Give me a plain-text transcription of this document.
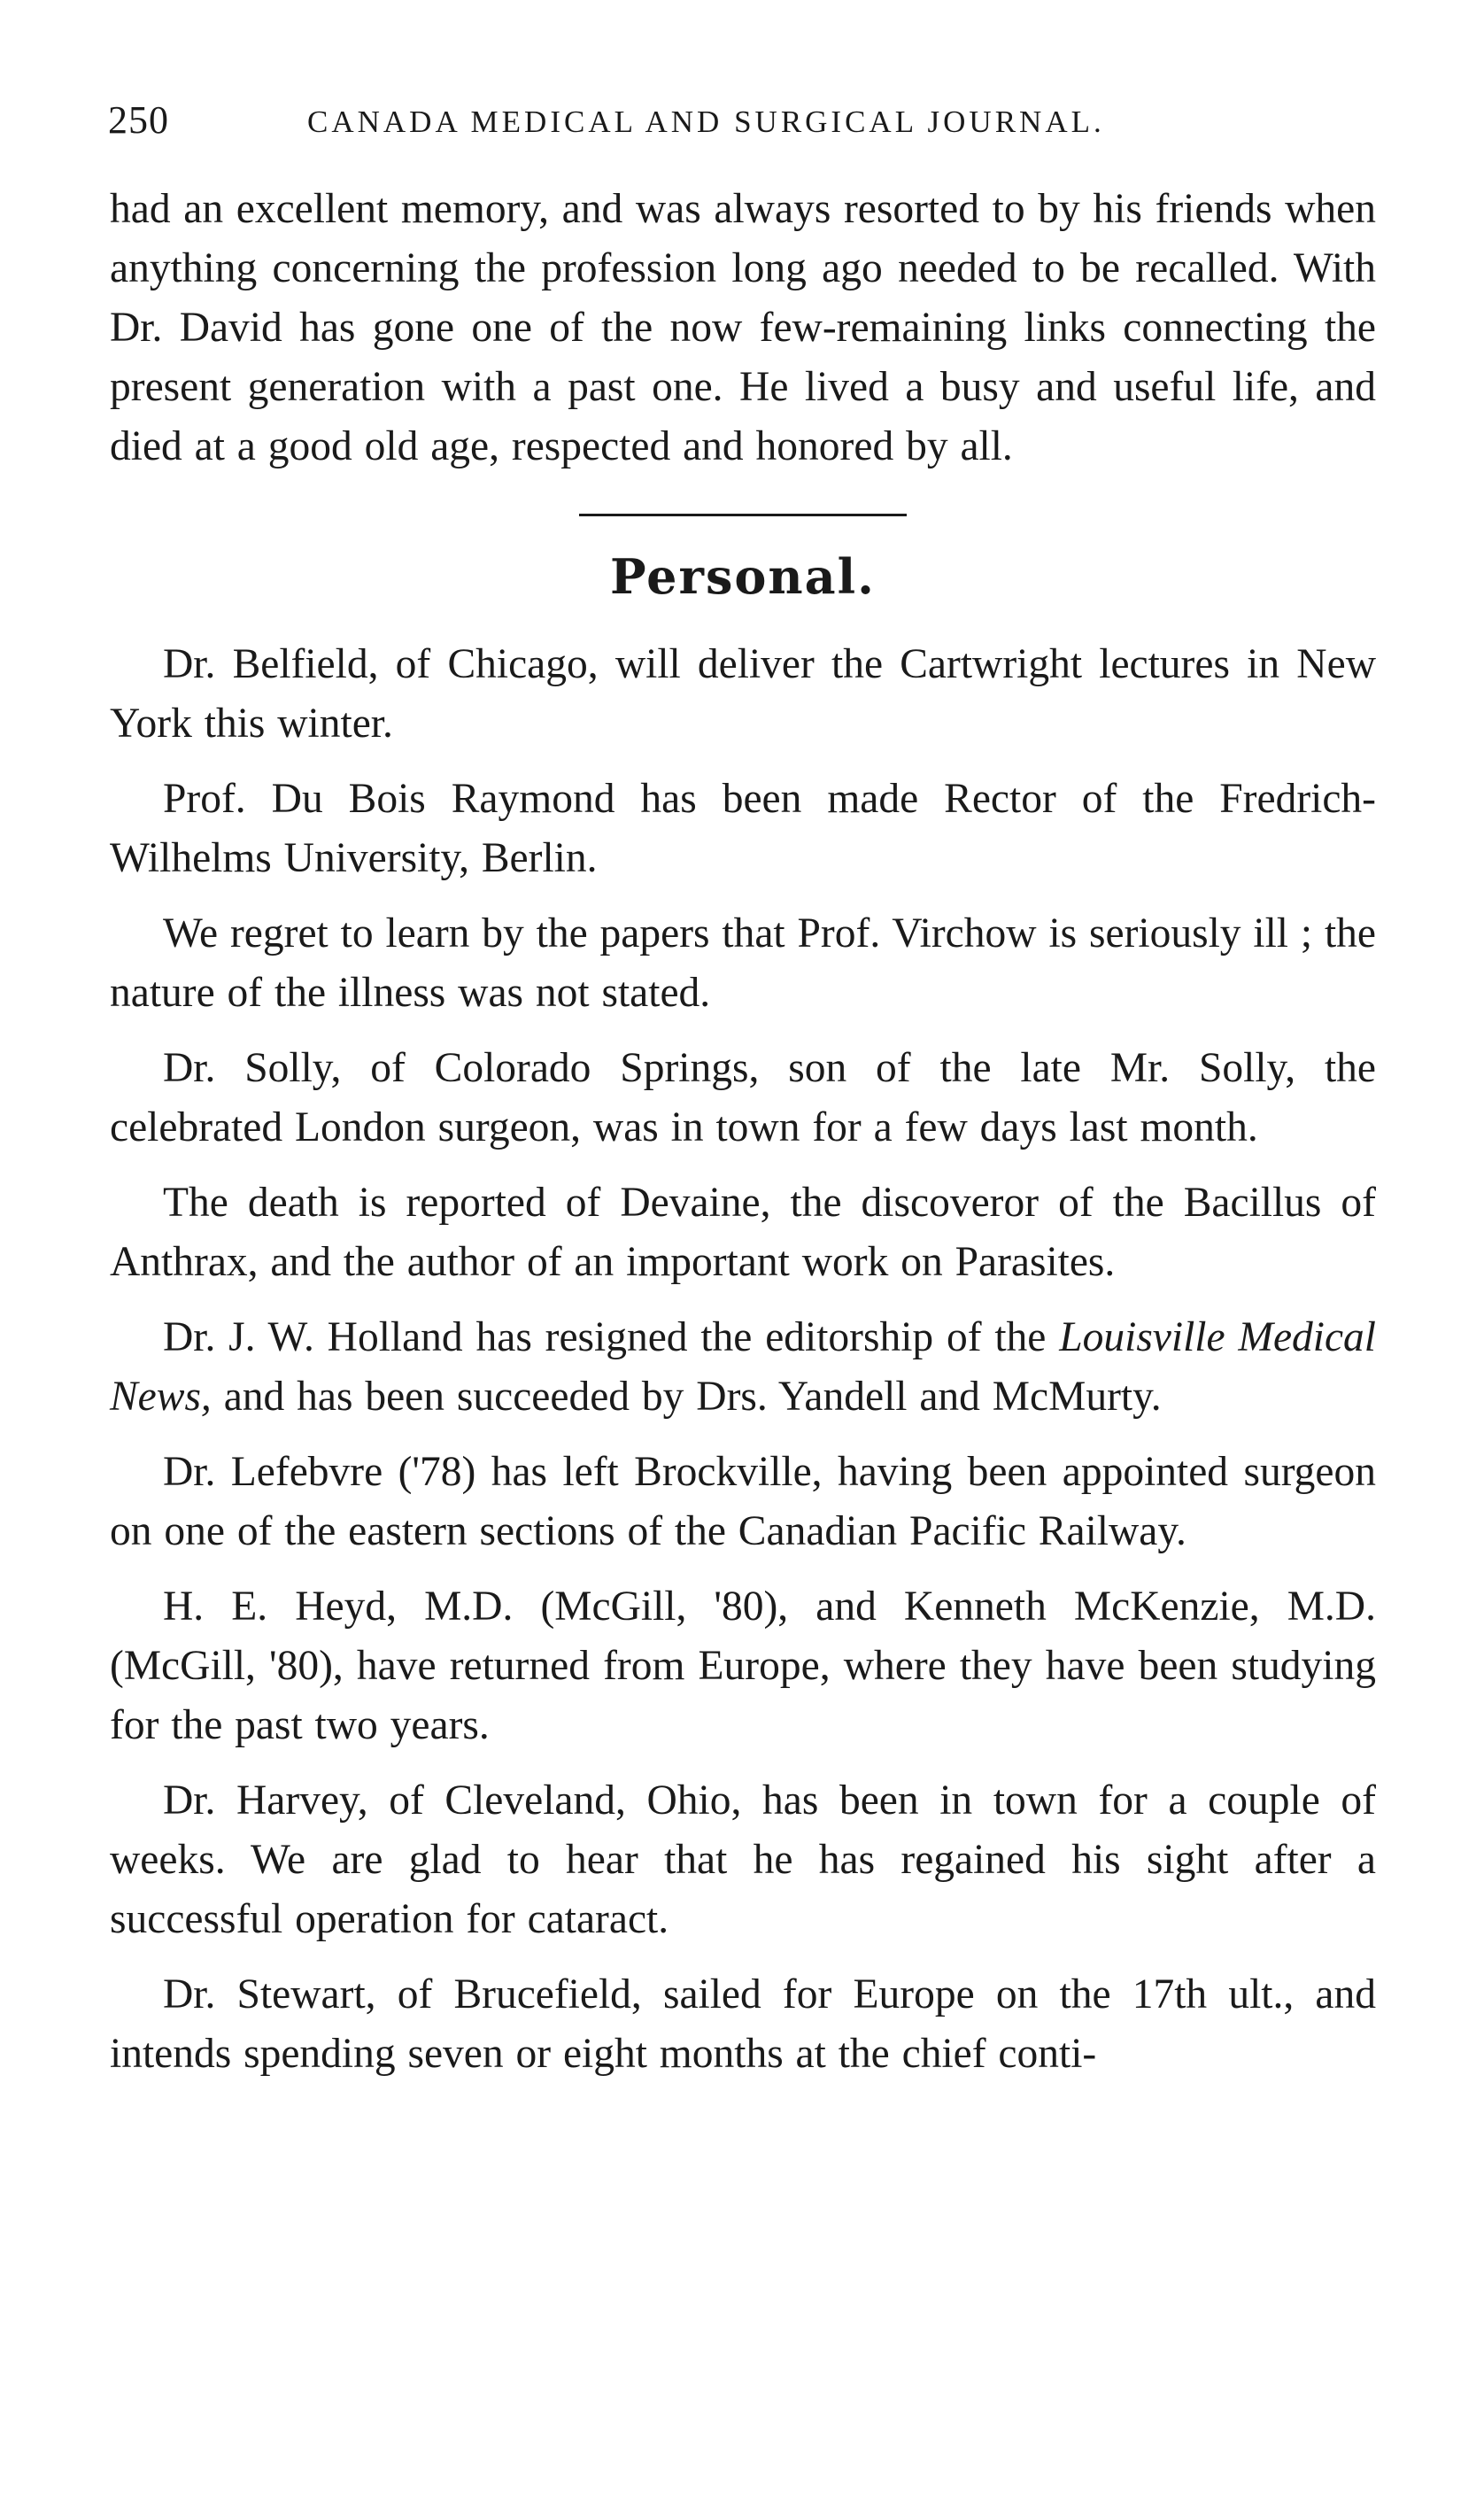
250	CANADA MEDICAL AND SURGICAL JOURNAL.

had an excellent memory, and was always resorted to by his friends when anything concerning the profession long ago needed to be recalled. With Dr. David has gone one of the now few-remaining links connecting the present generation with a past one. He lived a busy and useful life, and died at a good old age, respected and honored by all.

Personal.

Dr. Belfield, of Chicago, will deliver the Cartwright lectures in New York this winter.

Prof. Du Bois Raymond has been made Rector of the Fredrich-Wilhelms University, Berlin.

We regret to learn by the papers that Prof. Virchow is seriously ill ; the nature of the illness was not stated.

Dr. Solly, of Colorado Springs, son of the late Mr. Solly, the celebrated London surgeon, was in town for a few days last month.

The death is reported of Devaine, the discoveror of the Bacillus of Anthrax, and the author of an important work on Parasites.

Dr. J. W. Holland has resigned the editorship of the Louisville Medical News, and has been succeeded by Drs. Yandell and McMurty.

Dr. Lefebvre ('78) has left Brockville, having been appointed surgeon on one of the eastern sections of the Canadian Pacific Railway.

H. E. Heyd, M.D. (McGill, '80), and Kenneth McKenzie, M.D. (McGill, '80), have returned from Europe, where they have been studying for the past two years.

Dr. Harvey, of Cleveland, Ohio, has been in town for a couple of weeks. We are glad to hear that he has regained his sight after a successful operation for cataract.

Dr. Stewart, of Brucefield, sailed for Europe on the 17th ult., and intends spending seven or eight months at the chief conti-
